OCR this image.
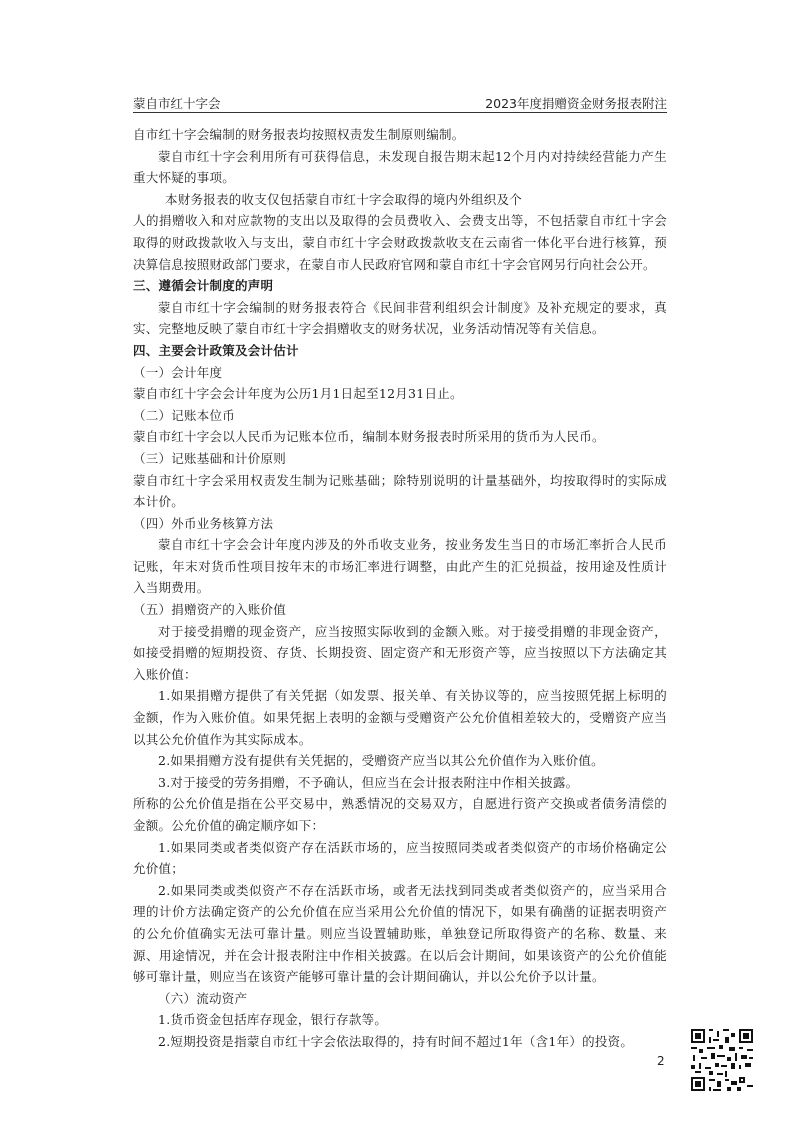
蒙自市红十字会	2023年度捐赠资金财务报表附注

自市红十字会编制的财务报表均按照权责发生制原则编制。

蒙自市红十字会利用所有可获得信息，未发现自报告期末起12个月内对持续经营能力产生重大怀疑的事项。

本财务报表的收支仅包括蒙自市红十字会取得的境内外组织及个

人的捐赠收入和对应款物的支出以及取得的会员费收入、会费支出等，不包括蒙自市红十字会取得的财政拨款收入与支出，蒙自市红十字会财政拨款收支在云南省一体化平台进行核算，预决算信息按照财政部门要求，在蒙自市人民政府官网和蒙自市红十字会官网另行向社会公开。

三、遵循会计制度的声明

蒙自市红十字会编制的财务报表符合《民间非营利组织会计制度》及补充规定的要求，真实、完整地反映了蒙自市红十字会捐赠收支的财务状况，业务活动情况等有关信息。

四、主要会计政策及会计估计

（一）会计年度

蒙自市红十字会会计年度为公历1月1日起至12月31日止。

（二）记账本位币

蒙自市红十字会以人民币为记账本位币，编制本财务报表时所采用的货币为人民币。

（三）记账基础和计价原则

蒙自市红十字会采用权责发生制为记账基础；除特别说明的计量基础外，均按取得时的实际成本计价。

（四）外币业务核算方法

蒙自市红十字会会计年度内涉及的外币收支业务，按业务发生当日的市场汇率折合人民币记账，年末对货币性项目按年末的市场汇率进行调整，由此产生的汇兑损益，按用途及性质计入当期费用。

（五）捐赠资产的入账价值

对于接受捐赠的现金资产，应当按照实际收到的金额入账。对于接受捐赠的非现金资产，如接受捐赠的短期投资、存货、长期投资、固定资产和无形资产等，应当按照以下方法确定其入账价值：

1.如果捐赠方提供了有关凭据（如发票、报关单、有关协议等的，应当按照凭据上标明的金额，作为入账价值。如果凭据上表明的金额与受赠资产公允价值相差较大的，受赠资产应当以其公允价值作为其实际成本。

2.如果捐赠方没有提供有关凭据的，受赠资产应当以其公允价值作为入账价值。

3.对于接受的劳务捐赠，不予确认，但应当在会计报表附注中作相关披露。

所称的公允价值是指在公平交易中，熟悉情况的交易双方，自愿进行资产交换或者债务清偿的金额。公允价值的确定顺序如下：

1.如果同类或者类似资产存在活跃市场的，应当按照同类或者类似资产的市场价格确定公允价值；

2.如果同类或类似资产不存在活跃市场，或者无法找到同类或者类似资产的，应当采用合理的计价方法确定资产的公允价值在应当采用公允价值的情况下，如果有确凿的证据表明资产的公允价值确实无法可靠计量。则应当设置辅助账，单独登记所取得资产的名称、数量、来源、用途情况，并在会计报表附注中作相关披露。在以后会计期间，如果该资产的公允价值能够可靠计量，则应当在该资产能够可靠计量的会计期间确认，并以公允价予以计量。

（六）流动资产

1.货币资金包括库存现金，银行存款等。

2.短期投资是指蒙自市红十字会依法取得的，持有时间不超过1年（含1年）的投资。

2
